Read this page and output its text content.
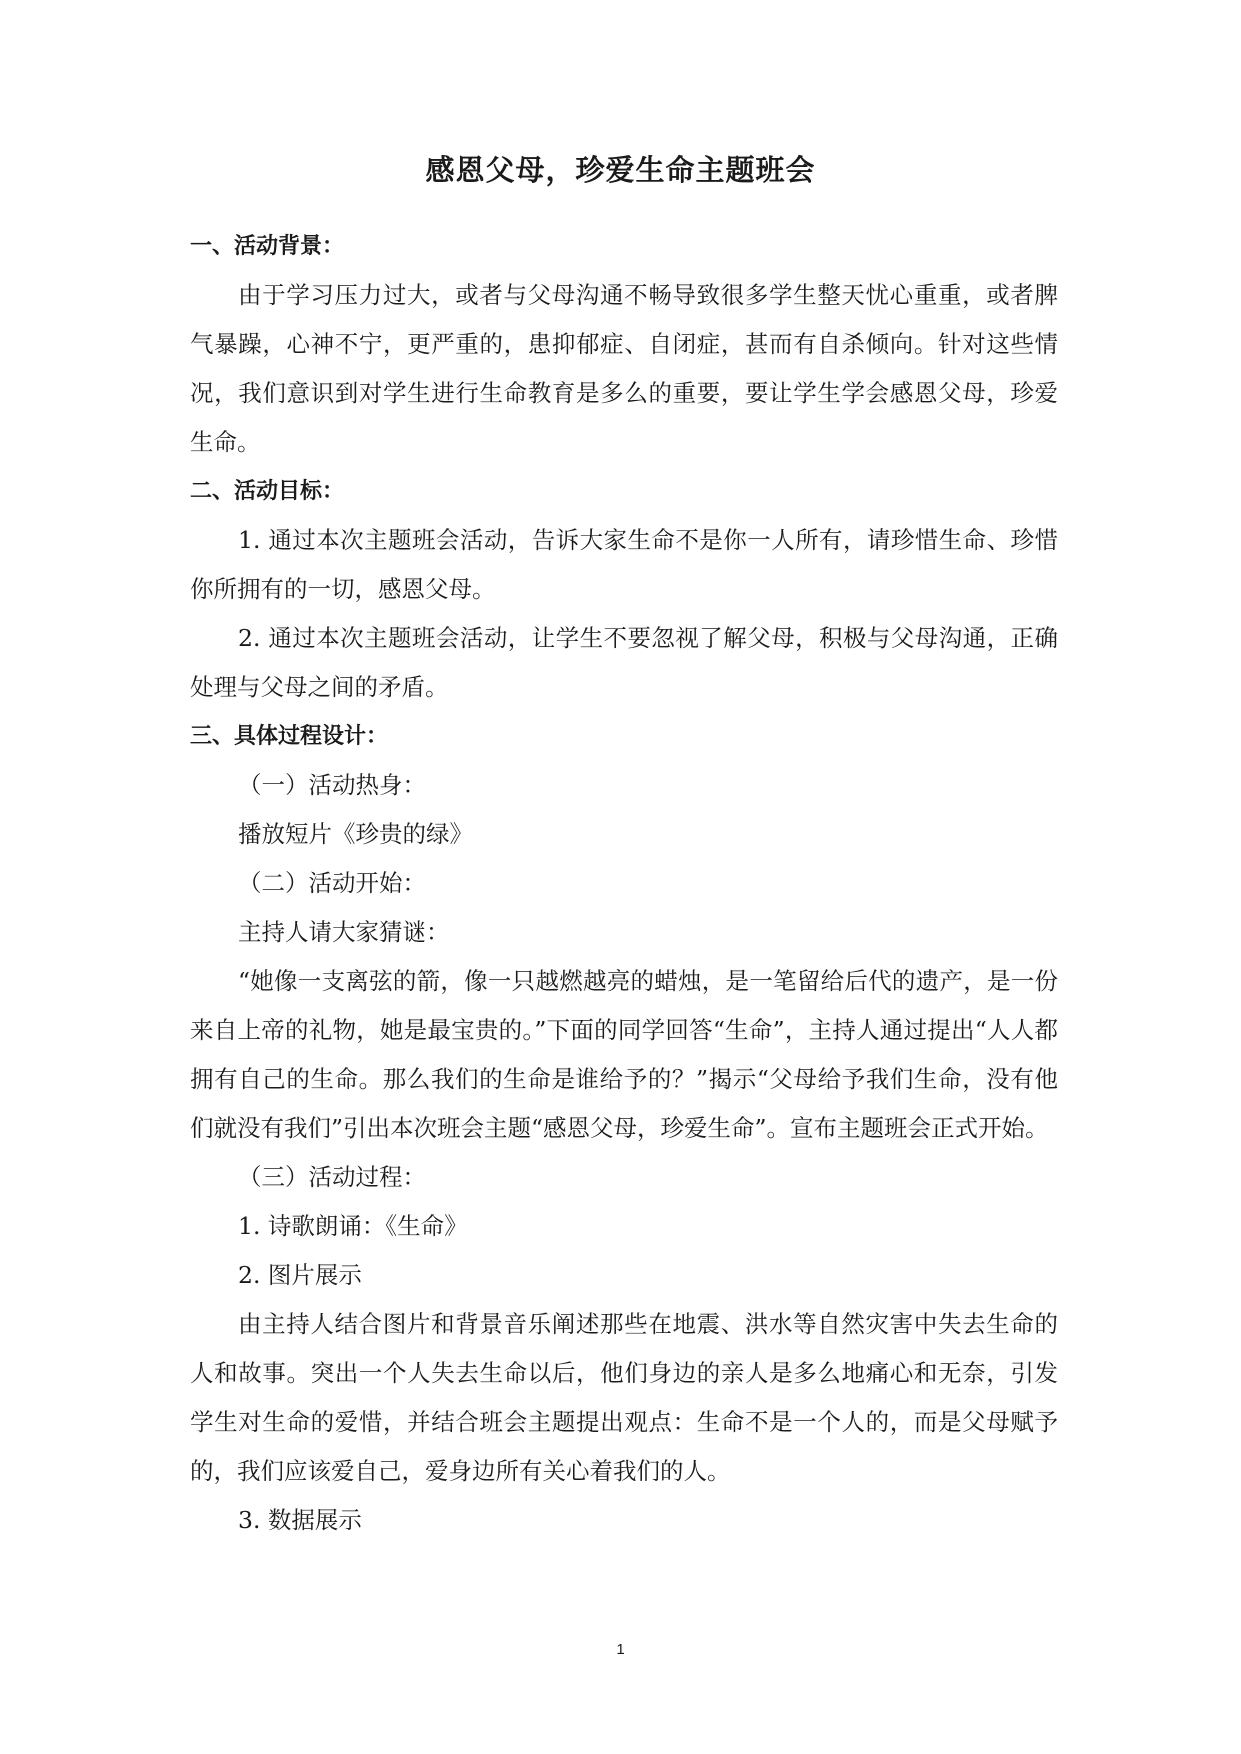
感恩父母，珍爱生命主题班会

一、活动背景：

由于学习压力过大，或者与父母沟通不畅导致很多学生整天忧心重重，或者脾气暴躁，心神不宁，更严重的，患抑郁症、自闭症，甚而有自杀倾向。针对这些情况，我们意识到对学生进行生命教育是多么的重要，要让学生学会感恩父母，珍爱生命。

二、活动目标：

1. 通过本次主题班会活动，告诉大家生命不是你一人所有，请珍惜生命、珍惜你所拥有的一切，感恩父母。

2. 通过本次主题班会活动，让学生不要忽视了解父母，积极与父母沟通，正确处理与父母之间的矛盾。

三、具体过程设计：

（一）活动热身：

播放短片《珍贵的绿》

（二）活动开始：

主持人请大家猜谜：

“她像一支离弦的箭，像一只越燃越亮的蜡烛，是一笔留给后代的遗产，是一份来自上帝的礼物，她是最宝贵的。”下面的同学回答“生命”，主持人通过提出“人人都拥有自己的生命。那么我们的生命是谁给予的？”揭示“父母给予我们生命，没有他们就没有我们”引出本次班会主题“感恩父母，珍爱生命”。宣布主题班会正式开始。

（三）活动过程：

1. 诗歌朗诵：《生命》

2. 图片展示

由主持人结合图片和背景音乐阐述那些在地震、洪水等自然灾害中失去生命的人和故事。突出一个人失去生命以后，他们身边的亲人是多么地痛心和无奈，引发学生对生命的爱惜，并结合班会主题提出观点：生命不是一个人的，而是父母赋予的，我们应该爱自己，爱身边所有关心着我们的人。

3. 数据展示

1
